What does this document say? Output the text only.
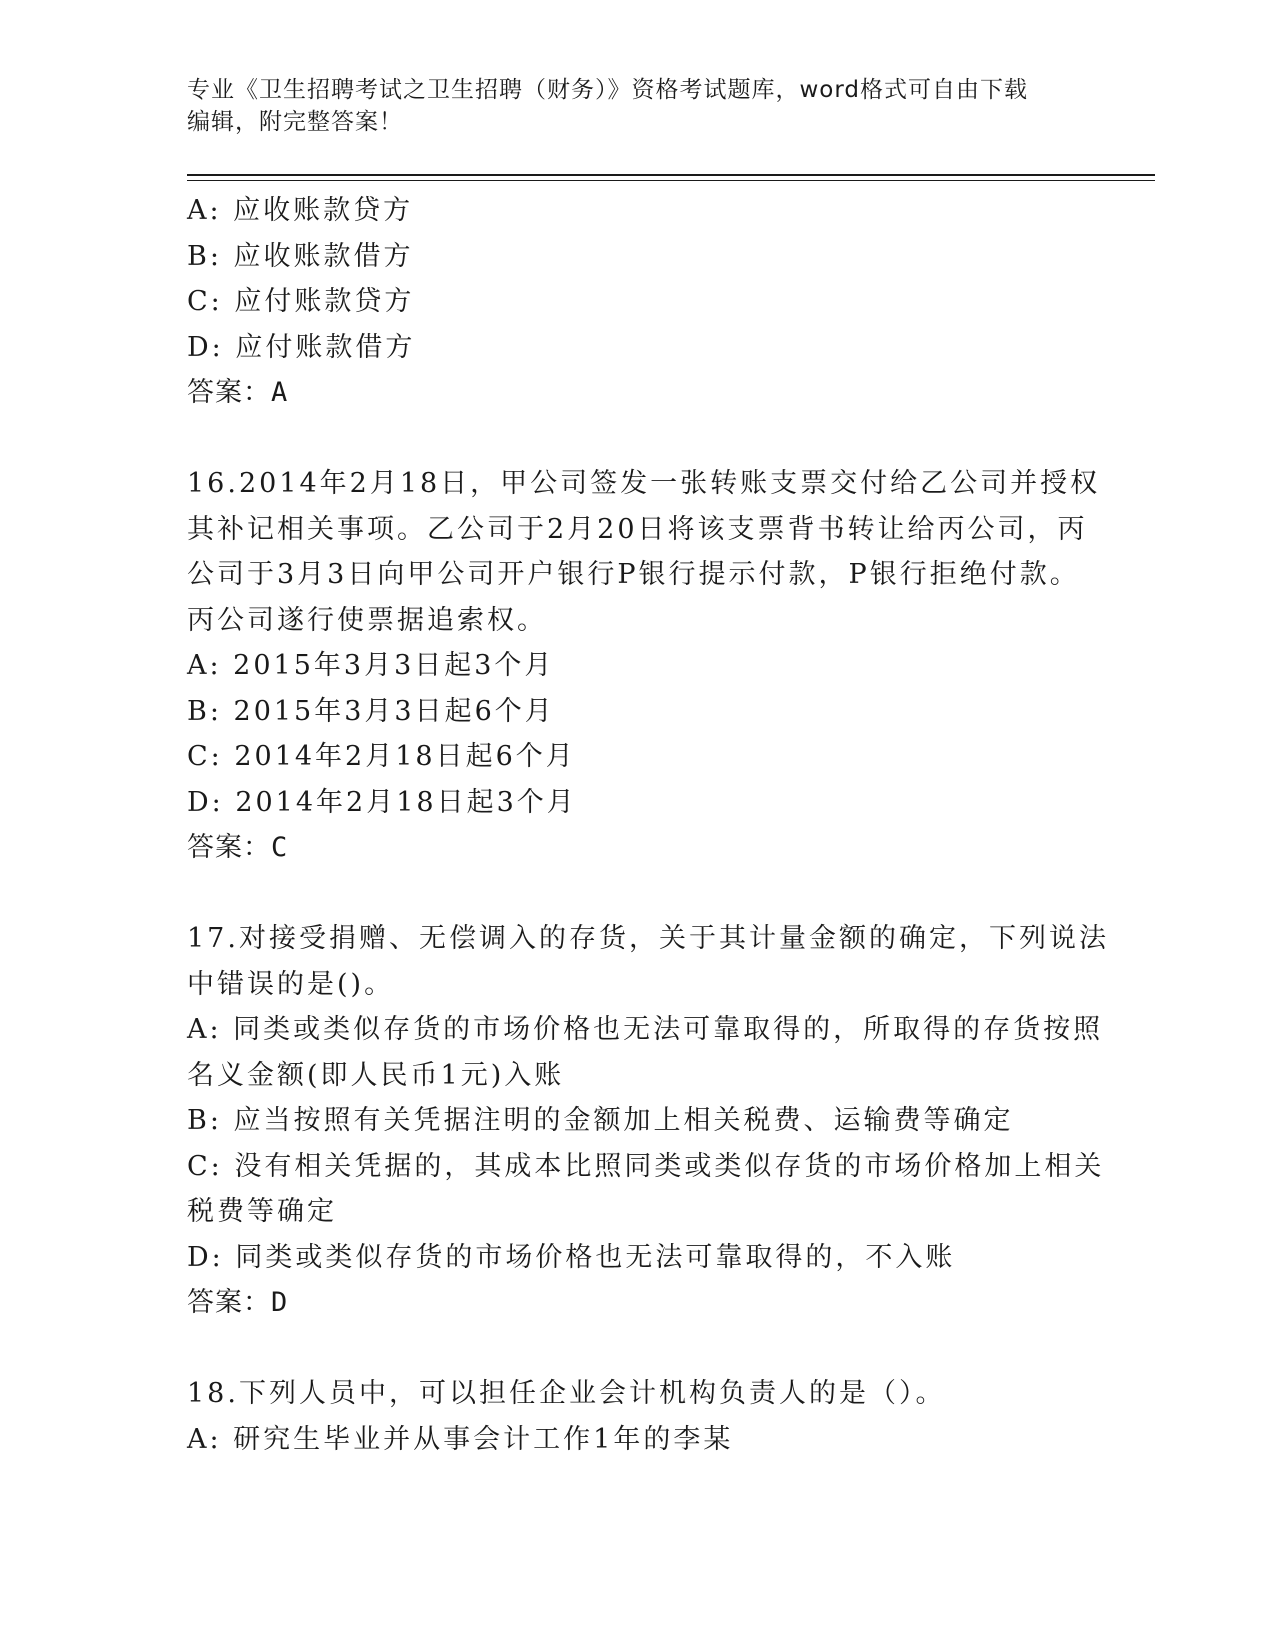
专业《卫生招聘考试之卫生招聘（财务）》资格考试题库，word格式可自由下载
编辑，附完整答案！
A: 应收账款贷方
B: 应收账款借方
C: 应付账款贷方
D: 应付账款借方
答案：A
16.2014年2月18日，甲公司签发一张转账支票交付给乙公司并授权
其补记相关事项。乙公司于2月20日将该支票背书转让给丙公司，丙
公司于3月3日向甲公司开户银行P银行提示付款，P银行拒绝付款。
丙公司遂行使票据追索权。
A: 2015年3月3日起3个月
B: 2015年3月3日起6个月
C: 2014年2月18日起6个月
D: 2014年2月18日起3个月
答案：C
17.对接受捐赠、无偿调入的存货，关于其计量金额的确定，下列说法
中错误的是()。
A: 同类或类似存货的市场价格也无法可靠取得的，所取得的存货按照
名义金额(即人民币1元)入账
B: 应当按照有关凭据注明的金额加上相关税费、运输费等确定
C: 没有相关凭据的，其成本比照同类或类似存货的市场价格加上相关
税费等确定
D: 同类或类似存货的市场价格也无法可靠取得的，不入账
答案：D
18.下列人员中，可以担任企业会计机构负责人的是（）。
A: 研究生毕业并从事会计工作1年的李某
